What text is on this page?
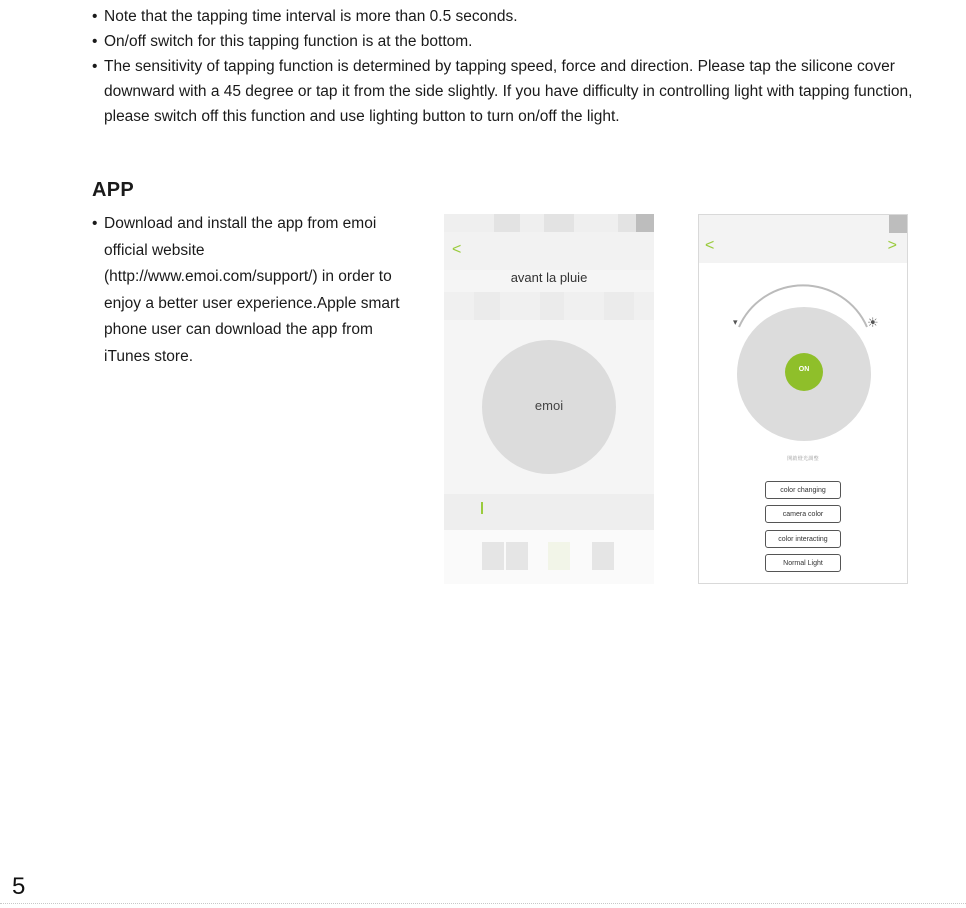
• Note that the tapping time interval is more than 0.5 seconds.
• On/off switch for this tapping function is at the bottom.
• The sensitivity of tapping function is determined by tapping speed, force and direction. Please tap the silicone cover downward with a 45 degree or tap it from the side slightly. If you have difficulty in controlling light with tapping function, please switch off this function and use lighting button to turn on/off the light.
APP
• Download and install the app from emoi official website (http://www.emoi.com/support/) in order to enjoy a better user experience.Apple smart phone user can download the app from iTunes store.
<
avant la pluie
emoi
<	>
▾	☀
ON
開啟燈光調整
color changing
camera color
color interacting
Normal Light
5
